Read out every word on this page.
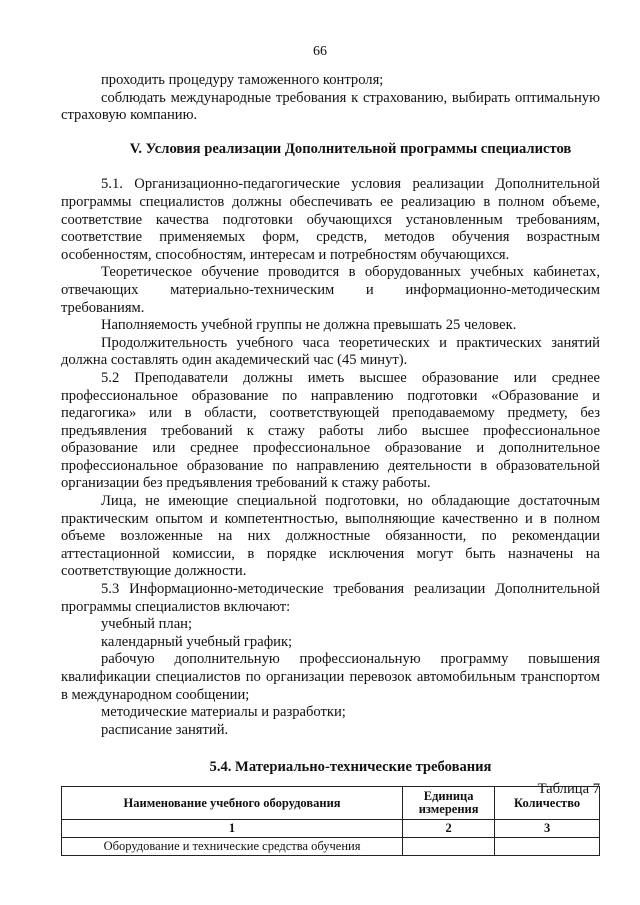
66

проходить процедуру таможенного контроля;

соблюдать международные требования к страхованию, выбирать оптимальную страховую компанию.

V. Условия реализации Дополнительной программы специалистов

5.1. Организационно-педагогические условия реализации Дополнительной программы специалистов должны обеспечивать ее реализацию в полном объеме, соответствие качества подготовки обучающихся установленным требованиям, соответствие применяемых форм, средств, методов обучения возрастным особенностям, способностям, интересам и потребностям обучающихся.

Теоретическое обучение проводится в оборудованных учебных кабинетах, отвечающих материально-техническим и информационно-методическим требованиям.

Наполняемость учебной группы не должна превышать 25 человек.

Продолжительность учебного часа теоретических и практических занятий должна составлять один академический час (45 минут).

5.2 Преподаватели должны иметь высшее образование или среднее профессиональное образование по направлению подготовки «Образование и педагогика» или в области, соответствующей преподаваемому предмету, без предъявления требований к стажу работы либо высшее профессиональное образование или среднее профессиональное образование и дополнительное профессиональное образование по направлению деятельности в образовательной организации без предъявления требований к стажу работы.

Лица, не имеющие специальной подготовки, но обладающие достаточным практическим опытом и компетентностью, выполняющие качественно и в полном объеме возложенные на них должностные обязанности, по рекомендации аттестационной комиссии, в порядке исключения могут быть назначены на соответствующие должности.

5.3 Информационно-методические требования реализации Дополнительной программы специалистов включают:

учебный план;

календарный учебный график;

рабочую дополнительную профессиональную программу повышения квалификации специалистов по организации перевозок автомобильным транспортом в международном сообщении;

методические материалы и разработки;

расписание занятий.

5.4. Материально-технические требования

Таблица 7

Наименование учебного оборудования	Единица измерения	Количество
1	2	3
Оборудование и технические средства обучения		
